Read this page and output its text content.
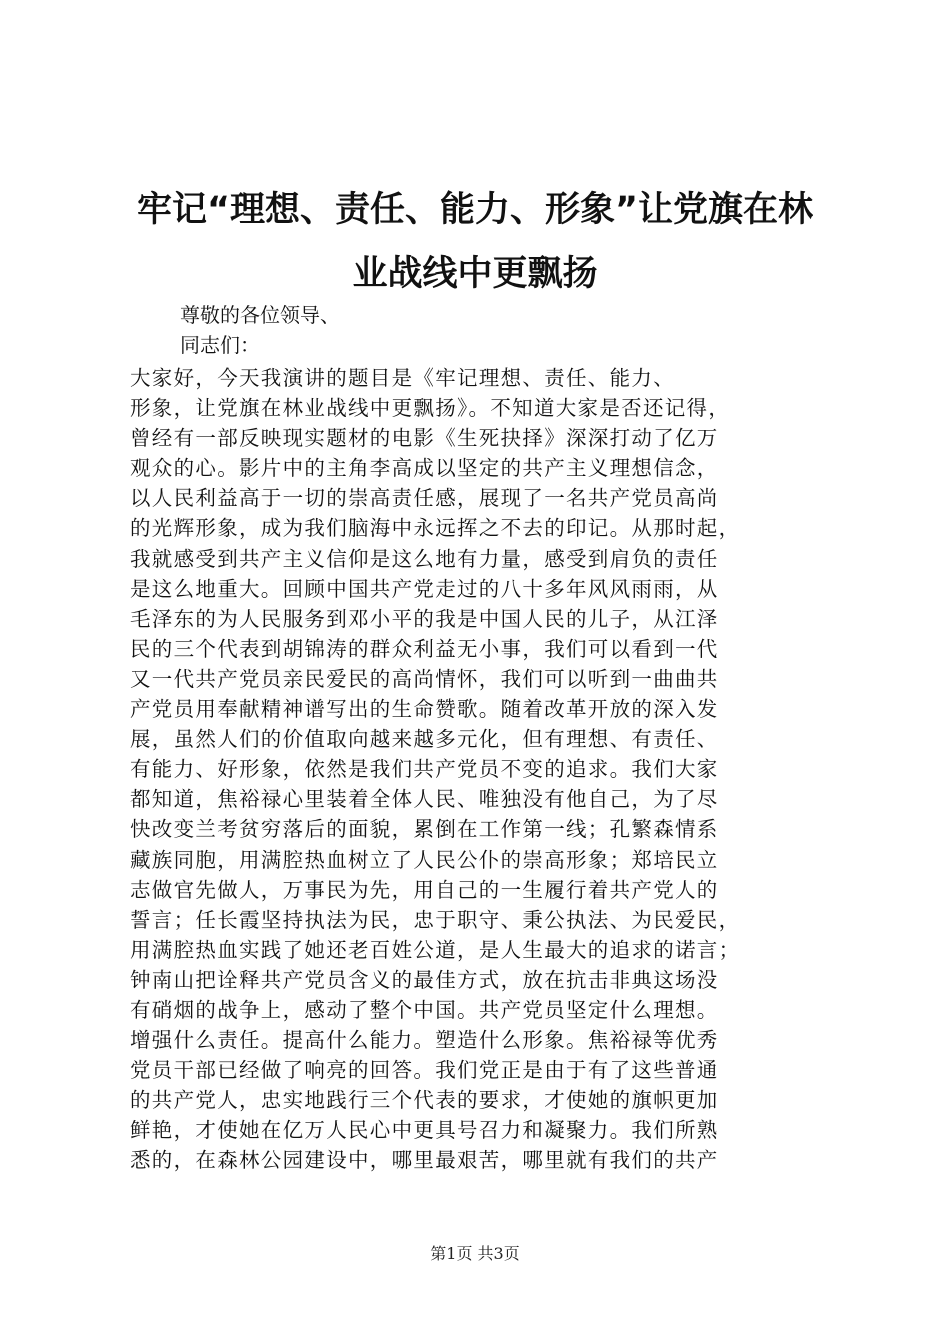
牢记“理想、责任、能力、形象”让党旗在林
业战线中更飘扬
尊敬的各位领导、
同志们：
大家好，今天我演讲的题目是《牢记理想、责任、能力、
形象，让党旗在林业战线中更飘扬》。不知道大家是否还记得，
曾经有一部反映现实题材的电影《生死抉择》深深打动了亿万
观众的心。影片中的主角李高成以坚定的共产主义理想信念，
以人民利益高于一切的崇高责任感，展现了一名共产党员高尚
的光辉形象，成为我们脑海中永远挥之不去的印记。从那时起，
我就感受到共产主义信仰是这么地有力量，感受到肩负的责任
是这么地重大。回顾中国共产党走过的八十多年风风雨雨，从
毛泽东的为人民服务到邓小平的我是中国人民的儿子，从江泽
民的三个代表到胡锦涛的群众利益无小事，我们可以看到一代
又一代共产党员亲民爱民的高尚情怀，我们可以听到一曲曲共
产党员用奉献精神谱写出的生命赞歌。随着改革开放的深入发
展，虽然人们的价值取向越来越多元化，但有理想、有责任、
有能力、好形象，依然是我们共产党员不变的追求。我们大家
都知道，焦裕禄心里装着全体人民、唯独没有他自己，为了尽
快改变兰考贫穷落后的面貌，累倒在工作第一线；孔繁森情系
藏族同胞，用满腔热血树立了人民公仆的崇高形象；郑培民立
志做官先做人，万事民为先，用自己的一生履行着共产党人的
誓言；任长霞坚持执法为民，忠于职守、秉公执法、为民爱民，
用满腔热血实践了她还老百姓公道，是人生最大的追求的诺言；
钟南山把诠释共产党员含义的最佳方式，放在抗击非典这场没
有硝烟的战争上，感动了整个中国。共产党员坚定什么理想。
增强什么责任。提高什么能力。塑造什么形象。焦裕禄等优秀
党员干部已经做了响亮的回答。我们党正是由于有了这些普通
的共产党人，忠实地践行三个代表的要求，才使她的旗帜更加
鲜艳，才使她在亿万人民心中更具号召力和凝聚力。我们所熟
悉的，在森林公园建设中，哪里最艰苦，哪里就有我们的共产
第1页 共3页
